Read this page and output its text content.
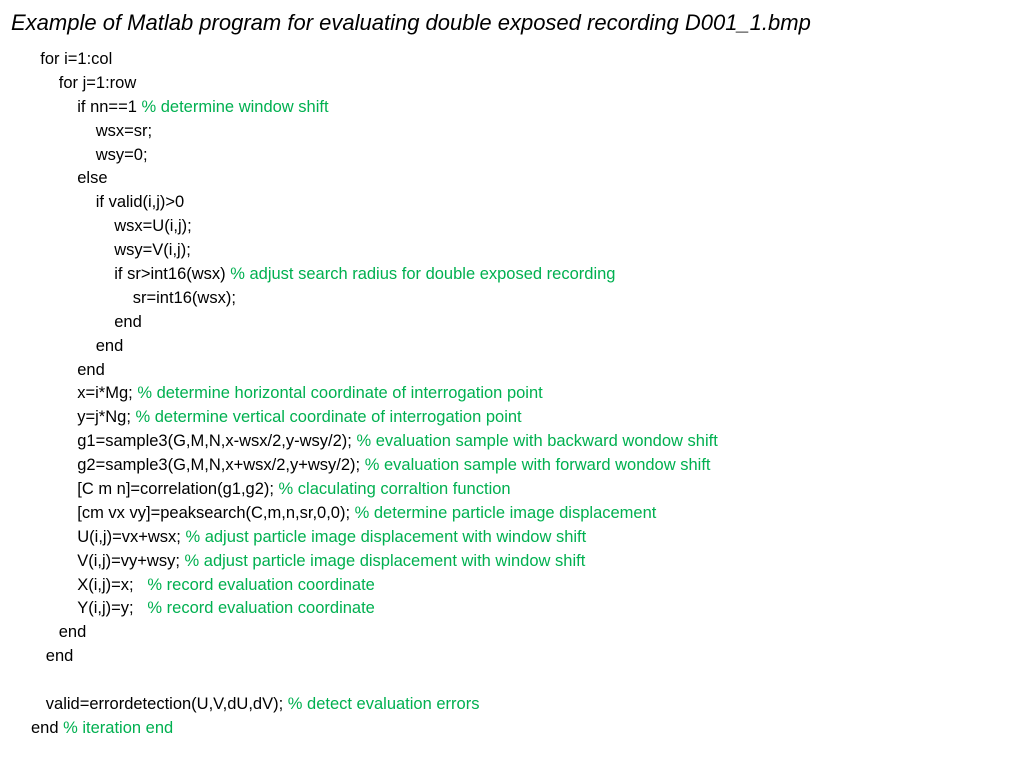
Example of Matlab program for evaluating double exposed recording D001_1.bmp
for i=1:col
for j=1:row
if nn==1 % determine window shift
wsx=sr;
wsy=0;
else
if valid(i,j)>0
wsx=U(i,j);
wsy=V(i,j);
if sr>int16(wsx) % adjust search radius for double exposed recording
sr=int16(wsx);
end
end
end
x=i*Mg; % determine horizontal coordinate of interrogation point
y=j*Ng; % determine vertical coordinate of interrogation point
g1=sample3(G,M,N,x-wsx/2,y-wsy/2); % evaluation sample with backward wondow shift
g2=sample3(G,M,N,x+wsx/2,y+wsy/2); % evaluation sample with forward wondow shift
[C m n]=correlation(g1,g2); % claculating corraltion function
[cm vx vy]=peaksearch(C,m,n,sr,0,0); % determine particle image displacement
U(i,j)=vx+wsx; % adjust particle image displacement with window shift
V(i,j)=vy+wsy; % adjust particle image displacement with window shift
X(i,j)=x;   % record evaluation coordinate
Y(i,j)=y;   % record evaluation coordinate
end
end
valid=errordetection(U,V,dU,dV); % detect evaluation errors
end % iteration end
